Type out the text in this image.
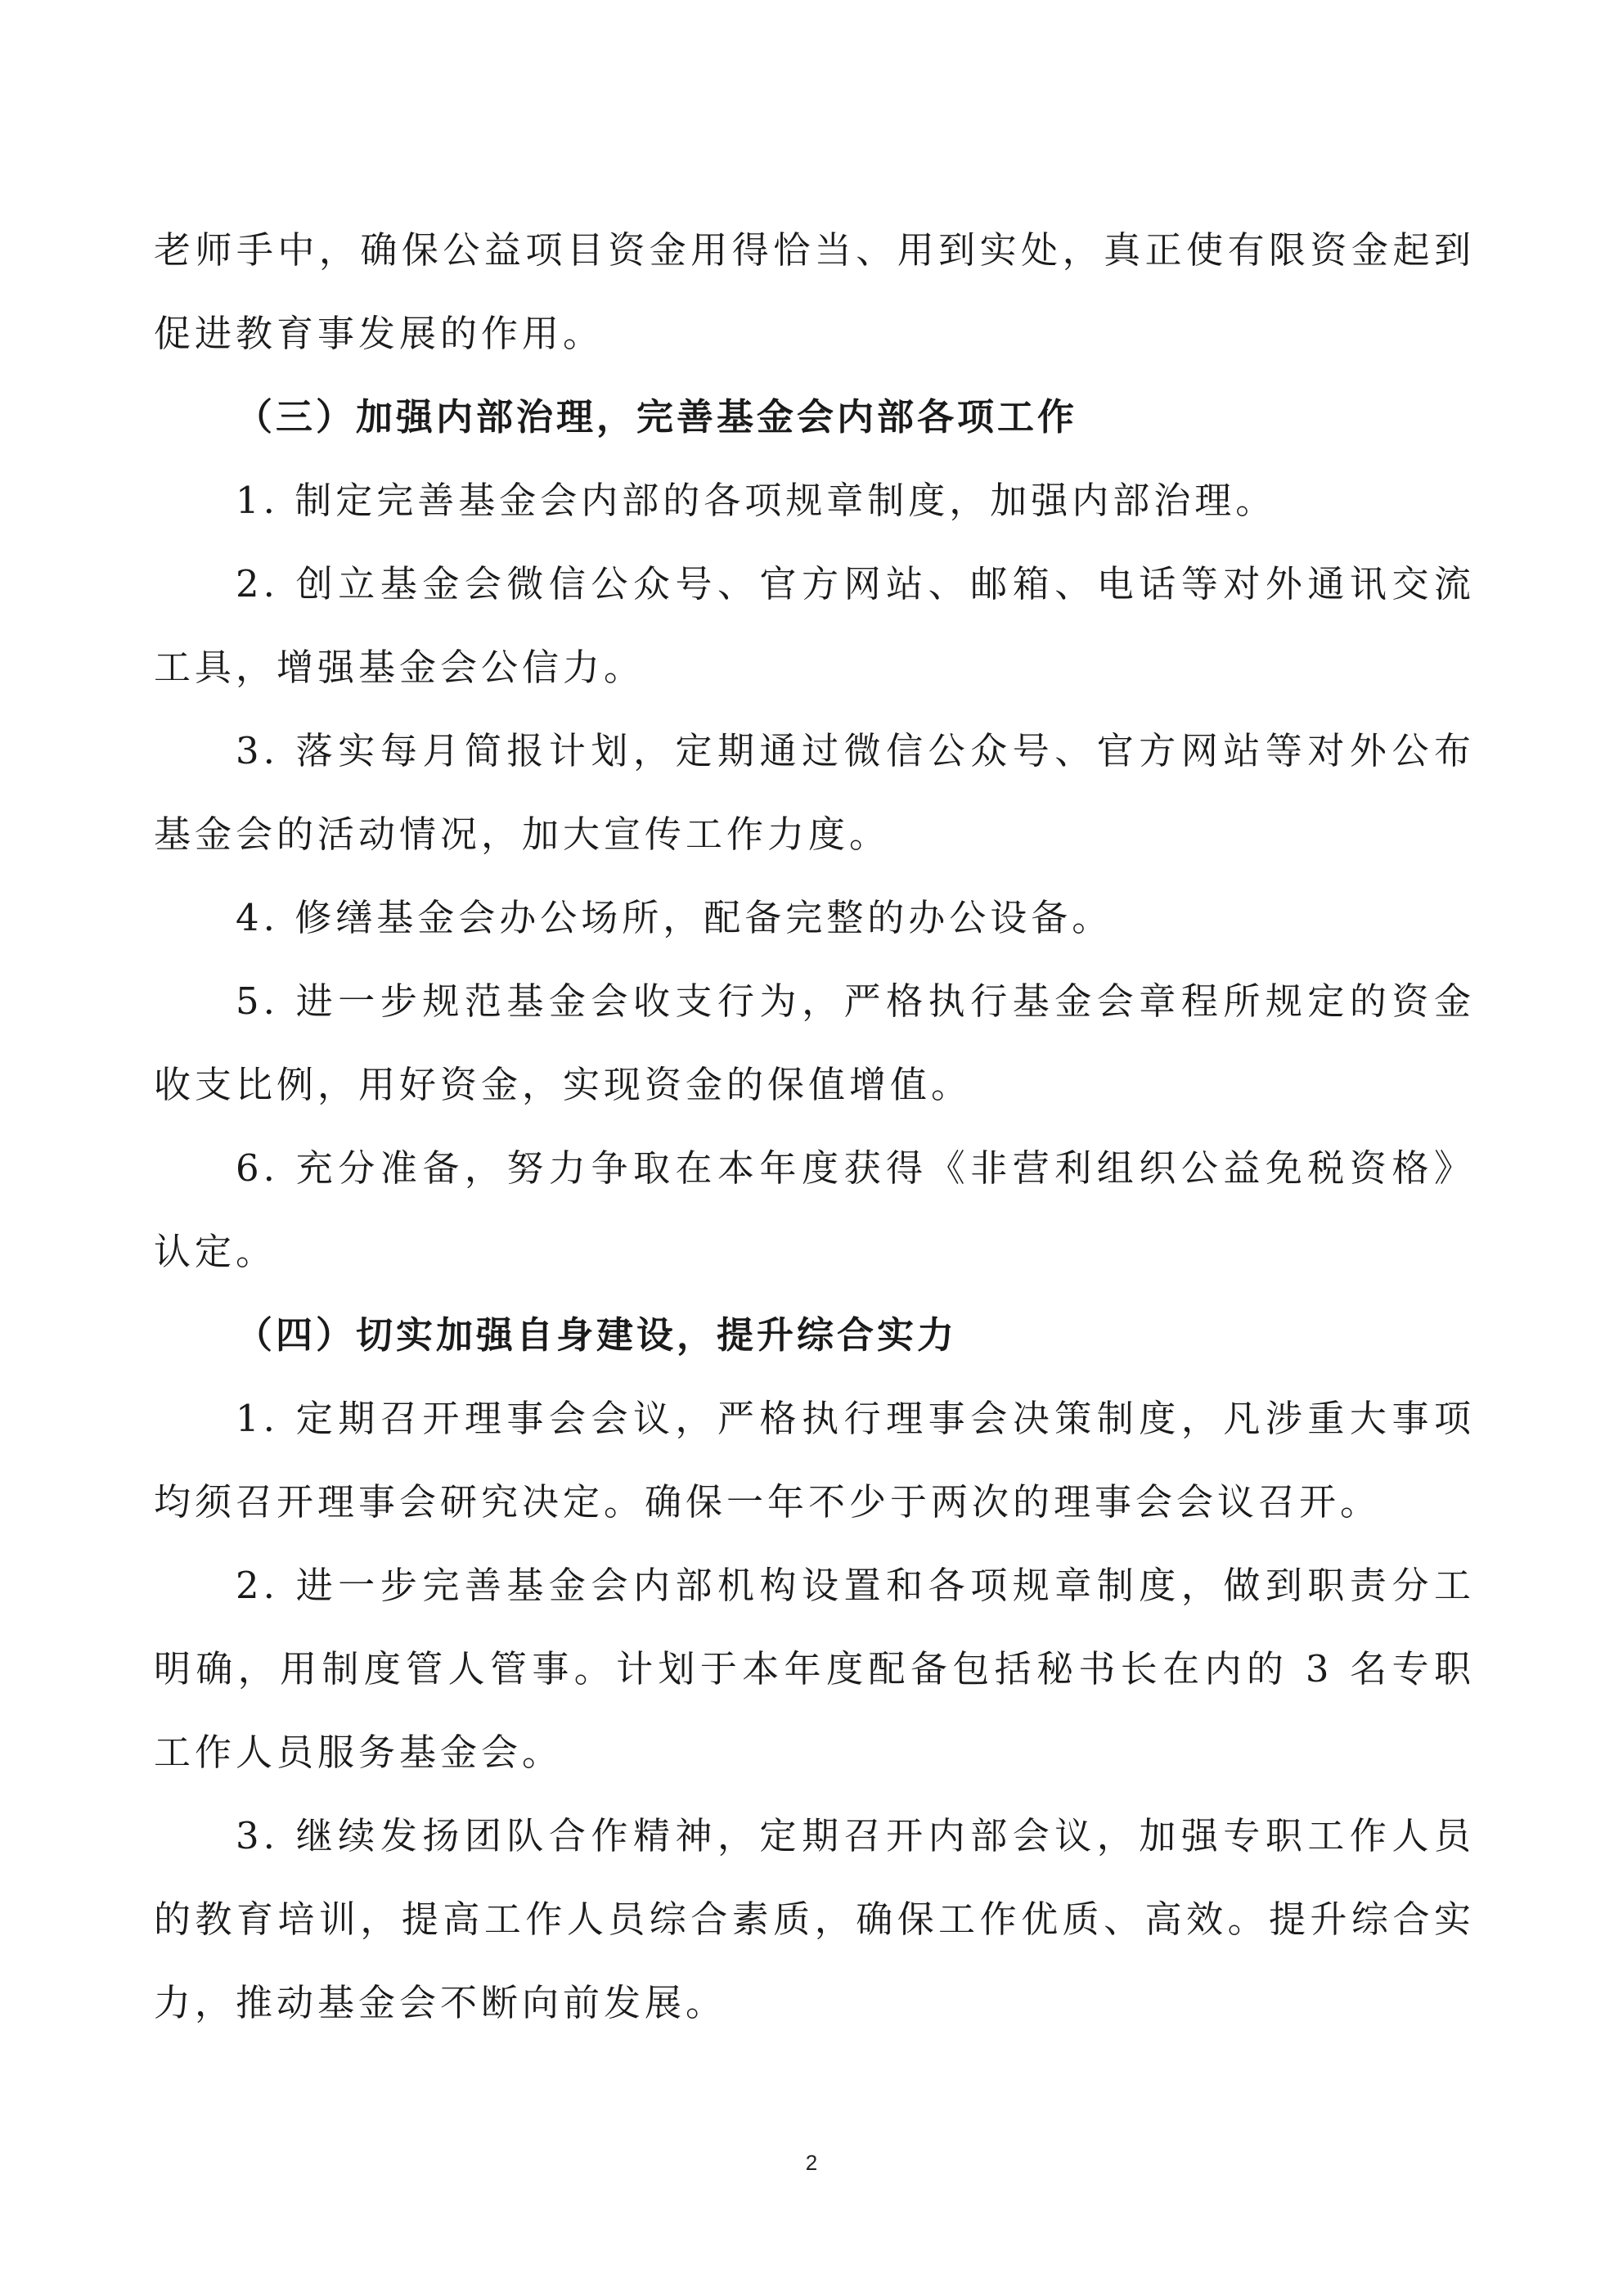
老师手中，确保公益项目资金用得恰当、用到实处，真正使有限资金起到促进教育事发展的作用。

（三）加强内部治理，完善基金会内部各项工作

1. 制定完善基金会内部的各项规章制度，加强内部治理。

2. 创立基金会微信公众号、官方网站、邮箱、电话等对外通讯交流工具，增强基金会公信力。

3. 落实每月简报计划，定期通过微信公众号、官方网站等对外公布基金会的活动情况，加大宣传工作力度。

4. 修缮基金会办公场所，配备完整的办公设备。

5. 进一步规范基金会收支行为，严格执行基金会章程所规定的资金收支比例，用好资金，实现资金的保值增值。

6. 充分准备，努力争取在本年度获得《非营利组织公益免税资格》认定。

（四）切实加强自身建设，提升综合实力

1. 定期召开理事会会议，严格执行理事会决策制度，凡涉重大事项均须召开理事会研究决定。确保一年不少于两次的理事会会议召开。

2. 进一步完善基金会内部机构设置和各项规章制度，做到职责分工明确，用制度管人管事。计划于本年度配备包括秘书长在内的 3 名专职工作人员服务基金会。

3. 继续发扬团队合作精神，定期召开内部会议，加强专职工作人员的教育培训，提高工作人员综合素质，确保工作优质、高效。提升综合实力，推动基金会不断向前发展。

2
